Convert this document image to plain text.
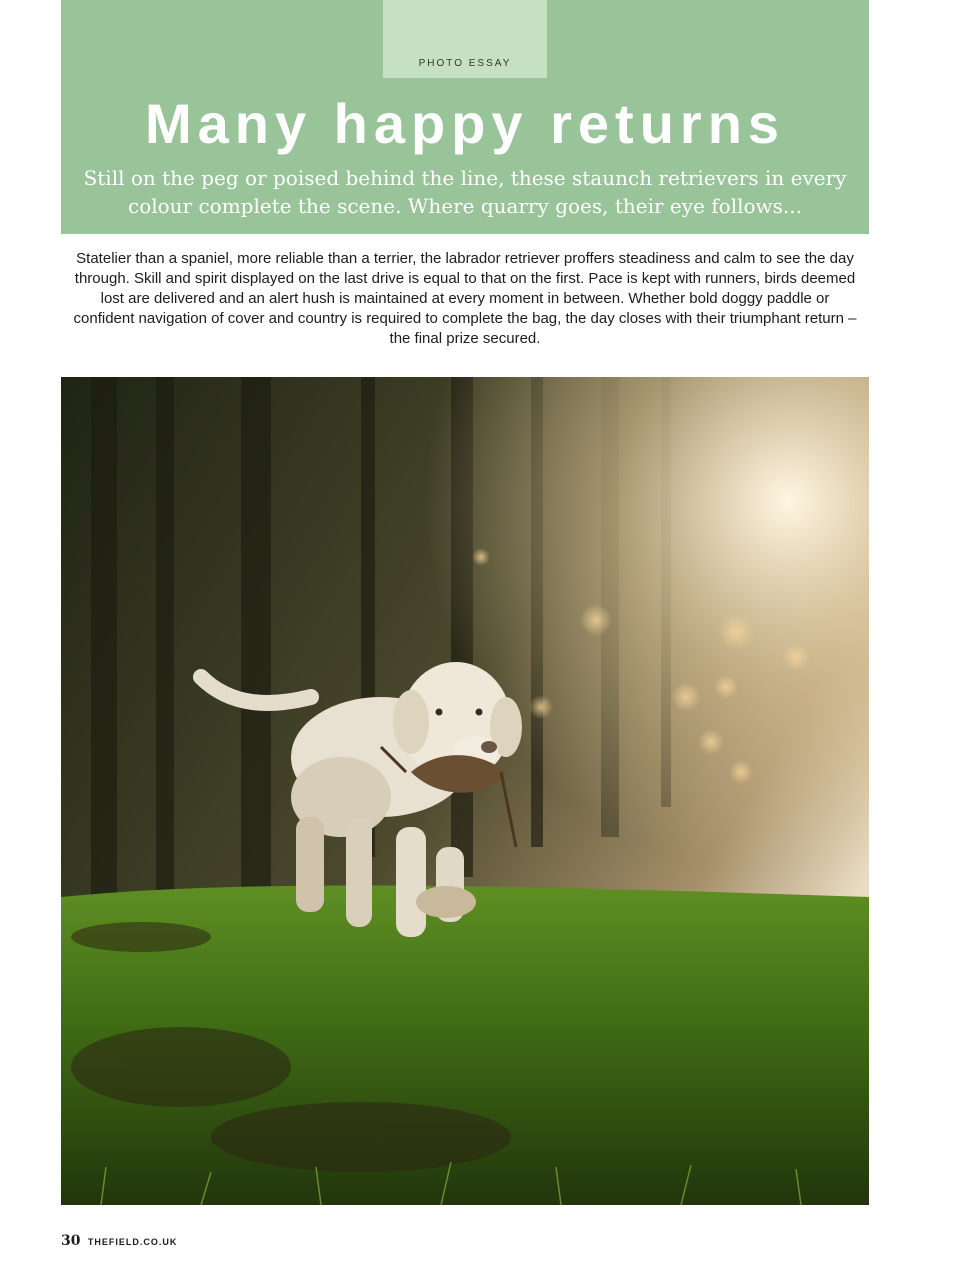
PHOTO ESSAY
Many happy returns

Still on the peg or poised behind the line, these staunch retrievers in every colour complete the scene. Where quarry goes, their eye follows...

Statelier than a spaniel, more reliable than a terrier, the labrador retriever proffers steadiness and calm to see the day through. Skill and spirit displayed on the last drive is equal to that on the first. Pace is kept with runners, birds deemed lost are delivered and an alert hush is maintained at every moment in between. Whether bold doggy paddle or confident navigation of cover and country is required to complete the bag, the day closes with their triumphant return – the final prize secured.

30 THEFIELD.CO.UK
